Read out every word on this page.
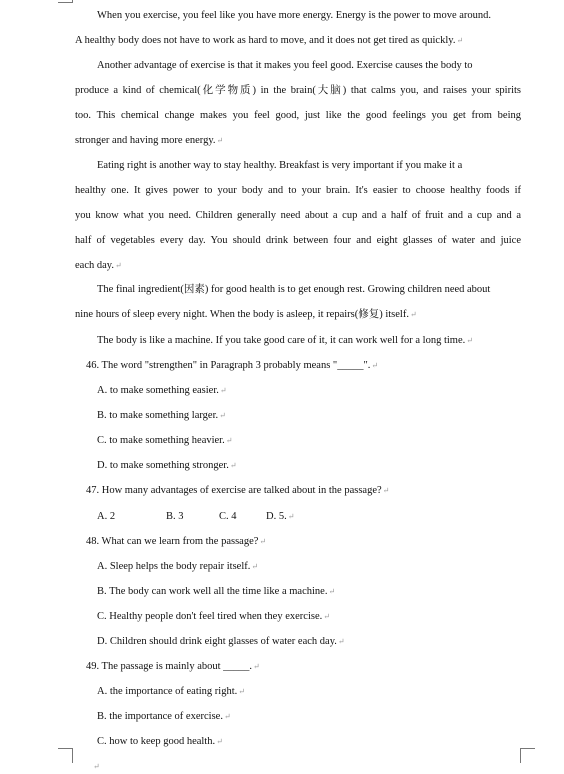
When you exercise, you feel like you have more energy. Energy is the power to move around.
A healthy body does not have to work as hard to move, and it does not get tired as quickly.↵
Another advantage of exercise is that it makes you feel good. Exercise causes the body to
produce a kind of chemical(化学物质) in the brain(大脑) that calms you, and raises your spirits
too. This chemical change makes you feel good, just like the good feelings you get from being
stronger and having more energy.↵
Eating right is another way to stay healthy. Breakfast is very important if you make it a
healthy one. It gives power to your body and to your brain. It's easier to choose healthy foods if
you know what you need. Children generally need about a cup and a half of fruit and a cup and a
half of vegetables every day. You should drink between four and eight glasses of water and juice
each day.↵
The final ingredient(因素) for good health is to get enough rest. Growing children need about
nine hours of sleep every night. When the body is asleep, it repairs(修复) itself.↵
The body is like a machine. If you take good care of it, it can work well for a long time.↵
46. The word "strengthen" in Paragraph 3 probably means "_____".↵
A. to make something easier.↵
B. to make something larger.↵
C. to make something heavier.↵
D. to make something stronger.↵
47. How many advantages of exercise are talked about in the passage?↵
A. 2	B. 3	C. 4	D. 5.↵
48. What can we learn from the passage?↵
A. Sleep helps the body repair itself.↵
B. The body can work well all the time like a machine.↵
C. Healthy people don't feel tired when they exercise.↵
D. Children should drink eight glasses of water each day.↵
49. The passage is mainly about _____.↵
A. the importance of eating right.↵
B. the importance of exercise.↵
C. how to keep good health.↵
↵
